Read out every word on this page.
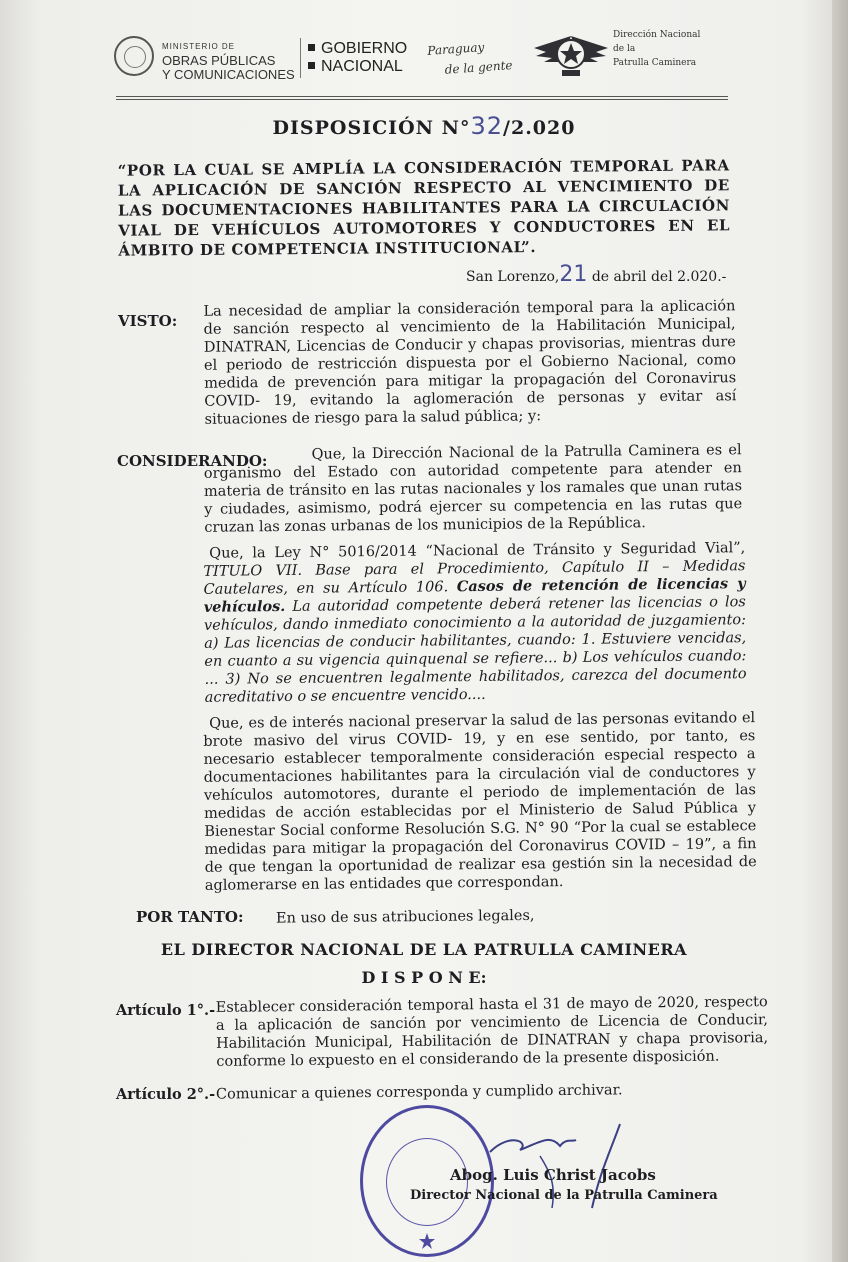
MINISTERIO DE
OBRAS PÚBLICAS
Y COMUNICACIONES
GOBIERNO
NACIONAL
Paraguay
de la gente
Dirección Nacional
de la
Patrulla Caminera
DISPOSICIÓN N°32/2.020
“POR LA CUAL SE AMPLÍA LA CONSIDERACIÓN TEMPORAL PARA LA APLICACIÓN DE SANCIÓN RESPECTO AL VENCIMIENTO DE LAS DOCUMENTACIONES HABILITANTES PARA LA CIRCULACIÓN VIAL DE VEHÍCULOS AUTOMOTORES Y CONDUCTORES EN EL ÁMBITO DE COMPETENCIA INSTITUCIONAL”.
San Lorenzo,21 de abril del 2.020.-
VISTO:
La necesidad de ampliar la consideración temporal para la aplicación de sanción respecto al vencimiento de la Habilitación Municipal, DINATRAN, Licencias de Conducir y chapas provisorias, mientras dure el periodo de restricción dispuesta por el Gobierno Nacional, como medida de prevención para mitigar la propagación del Coronavirus COVID- 19, evitando la aglomeración de personas y evitar así situaciones de riesgo para la salud pública; y:
CONSIDERANDO:	Que, la Dirección Nacional de la Patrulla Caminera es el organismo del Estado con autoridad competente para atender en materia de tránsito en las rutas nacionales y los ramales que unan rutas y ciudades, asimismo, podrá ejercer su competencia en las rutas que cruzan las zonas urbanas de los municipios de la República.
Que, la Ley N° 5016/2014 “Nacional de Tránsito y Seguridad Vial”, TITULO VII. Base para el Procedimiento, Capítulo II – Medidas Cautelares, en su Artículo 106. Casos de retención de licencias y vehículos. La autoridad competente deberá retener las licencias o los vehículos, dando inmediato conocimiento a la autoridad de juzgamiento: a) Las licencias de conducir habilitantes, cuando: 1. Estuviere vencidas, en cuanto a su vigencia quinquenal se refiere... b) Los vehículos cuando: ... 3) No se encuentren legalmente habilitados, carezca del documento acreditativo o se encuentre vencido....
Que, es de interés nacional preservar la salud de las personas evitando el brote masivo del virus COVID- 19, y en ese sentido, por tanto, es necesario establecer temporalmente consideración especial respecto a documentaciones habilitantes para la circulación vial de conductores y vehículos automotores, durante el periodo de implementación de las medidas de acción establecidas por el Ministerio de Salud Pública y Bienestar Social conforme Resolución S.G. N° 90 “Por la cual se establece medidas para mitigar la propagación del Coronavirus COVID – 19”, a fin de que tengan la oportunidad de realizar esa gestión sin la necesidad de aglomerarse en las entidades que correspondan.
POR TANTO: En uso de sus atribuciones legales,
EL DIRECTOR NACIONAL DE LA PATRULLA CAMINERA
D I S P O N E:
Artículo 1°.- Establecer consideración temporal hasta el 31 de mayo de 2020, respecto a la aplicación de sanción por vencimiento de Licencia de Conducir, Habilitación Municipal, Habilitación de DINATRAN y chapa provisoria, conforme lo expuesto en el considerando de la presente disposición.
Artículo 2°.- Comunicar a quienes corresponda y cumplido archivar.
Abog. Luis Christ Jacobs
Director Nacional de la Patrulla Caminera
